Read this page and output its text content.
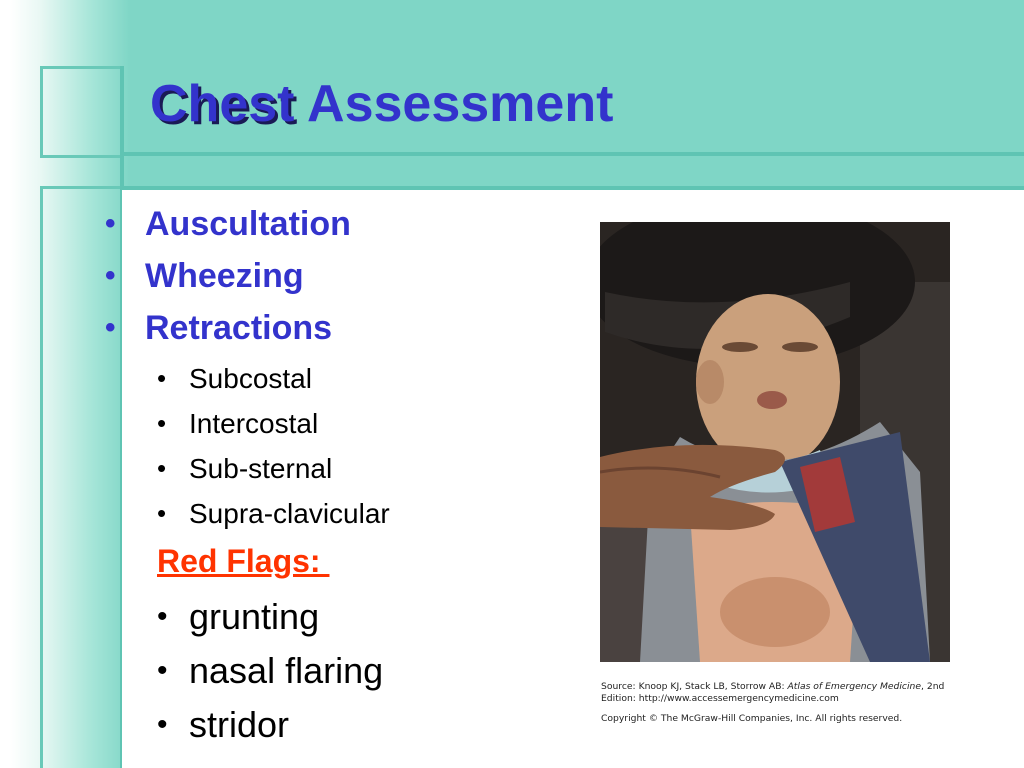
Chest Assessment
• Auscultation
• Wheezing
• Retractions
• Subcostal
• Intercostal
• Sub-sternal
• Supra-clavicular
Red Flags:
• grunting
• nasal flaring
• stridor
Source: Knoop KJ, Stack LB, Storrow AB: Atlas of Emergency Medicine, 2nd Edition: http://www.accessemergencymedicine.com
Copyright © The McGraw-Hill Companies, Inc. All rights reserved.
